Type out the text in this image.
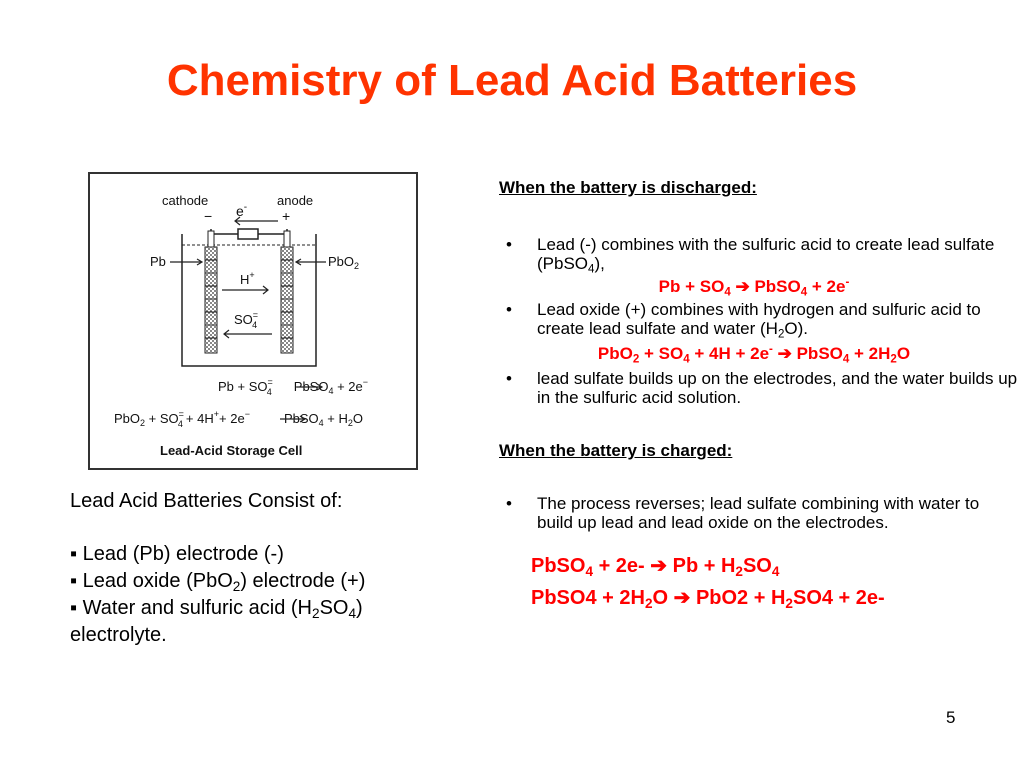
Chemistry of Lead Acid Batteries
cathode	anode
−	+
e-
Pb	PbO$_2$
H+
SO= 4
Pb + SO= 4 PbSO$_4$ + 2e−
PbO$_2$ + SO= 4 + 4H++ 2e−	PbSO$_4$ + $H_2O$
Lead-Acid Storage Cell
Lead Acid Batteries Consist of:
▪ Lead (Pb) electrode (-)
▪ Lead oxide (PbO$_2$) electrode (+)
▪ Water and sulfuric acid $(H_2SO_4)$
electrolyte.
When the battery is discharged:
• Lead (-) combines with the sulfuric acid to create lead sulfate (PbSO$_4$),
$Pb + SO_4$ ➔ PbSO$_4$ + 2e-
• Lead oxide (+) combines with hydrogen and sulfuric acid to create lead sulfate and water $(H_2O)$.
$PbO_2 + SO_4 + 4H + 2e^-$ ➔ PbSO$_4$ + $2H_2O$
• lead sulfate builds up on the electrodes, and the water builds up in the sulfuric acid solution.
When the battery is charged:
• The process reverses; lead sulfate combining with water to build up lead and lead oxide on the electrodes.
PbSO$_4$ + 2e- ➔ $Pb + H_2SO_4$
PbSO4 + $2H_2O$ ➔ $PbO2 + H_2SO4 + 2e-$
5
